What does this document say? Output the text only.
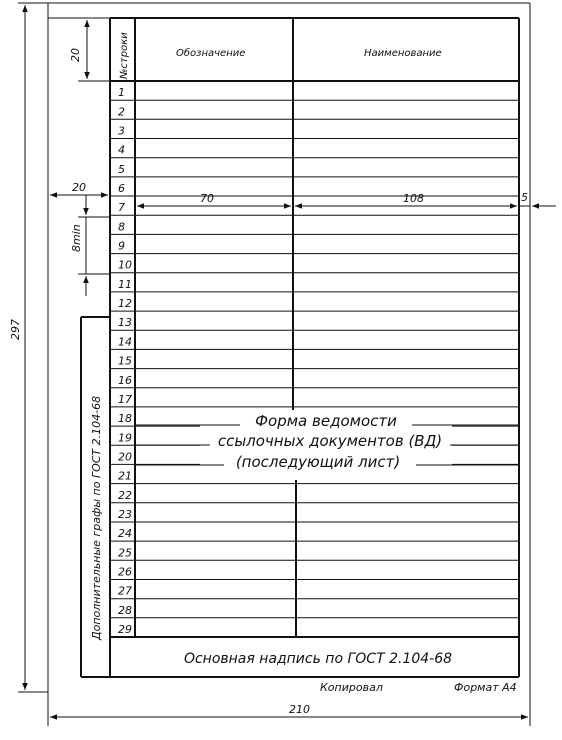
№строки	Обозначение	Наименование
1
2
3
4
5
6
7
8
9
10
11
12
13
14
15
16
17
18
19
20
21
22
23
24
25
26
27
28
29
20
20
8min
70	108	5
297
210
Дополнительные графы по ГОСТ 2.104-68	Форма ведомости
ссылочных документов (ВД)
(последующий лист)
Основная надпись по ГОСТ 2.104-68
Копировал	Формат А4
